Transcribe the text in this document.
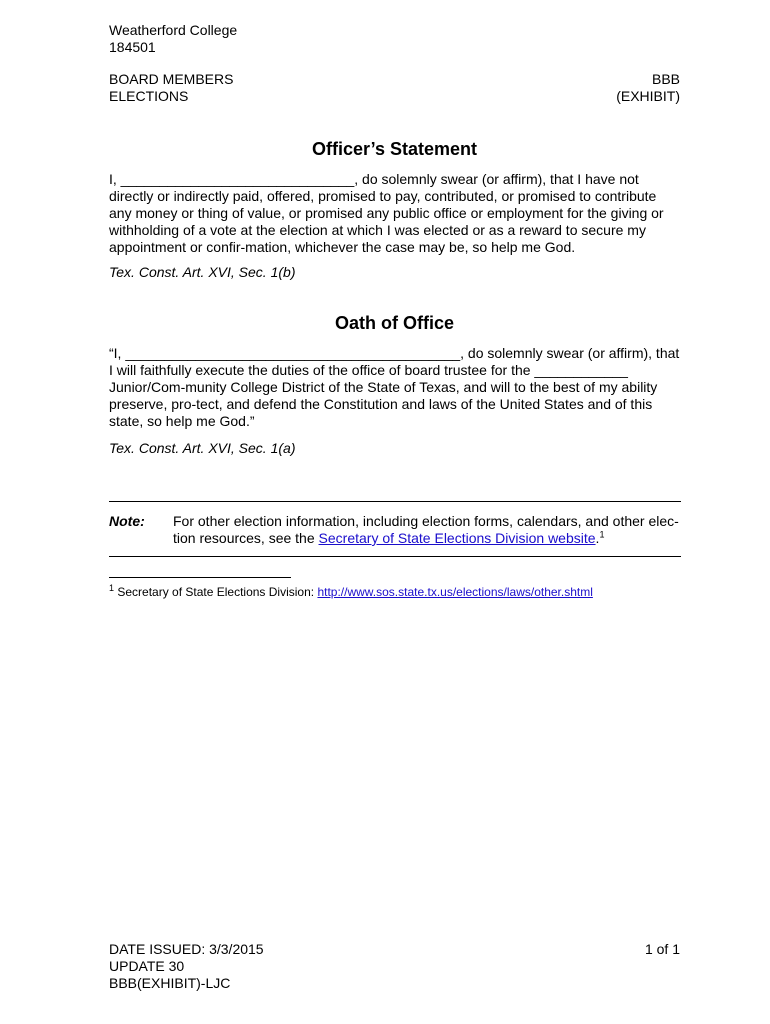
Weatherford College
184501
BOARD MEMBERS
ELECTIONS
BBB
(EXHIBIT)
Officer’s Statement
I, ______________________________, do solemnly swear (or affirm), that I have not directly or indirectly paid, offered, promised to pay, contributed, or promised to contribute any money or thing of value, or promised any public office or employment for the giving or withholding of a vote at the election at which I was elected or as a reward to secure my appointment or confir-mation, whichever the case may be, so help me God.
Tex. Const. Art. XVI, Sec. 1(b)
Oath of Office
“I, ___________________________________________, do solemnly swear (or affirm), that I will faithfully execute the duties of the office of board trustee for the ____________ Junior/Com-munity College District of the State of Texas, and will to the best of my ability preserve, pro-tect, and defend the Constitution and laws of the United States and of this state, so help me God.”
Tex. Const. Art. XVI, Sec. 1(a)
Note: For other election information, including election forms, calendars, and other elec-tion resources, see the Secretary of State Elections Division website.$^1$
$^1$ Secretary of State Elections Division: http://www.sos.state.tx.us/elections/laws/other.shtml
DATE ISSUED: 3/3/2015
UPDATE 30
BBB(EXHIBIT)-LJC
1 of 1
